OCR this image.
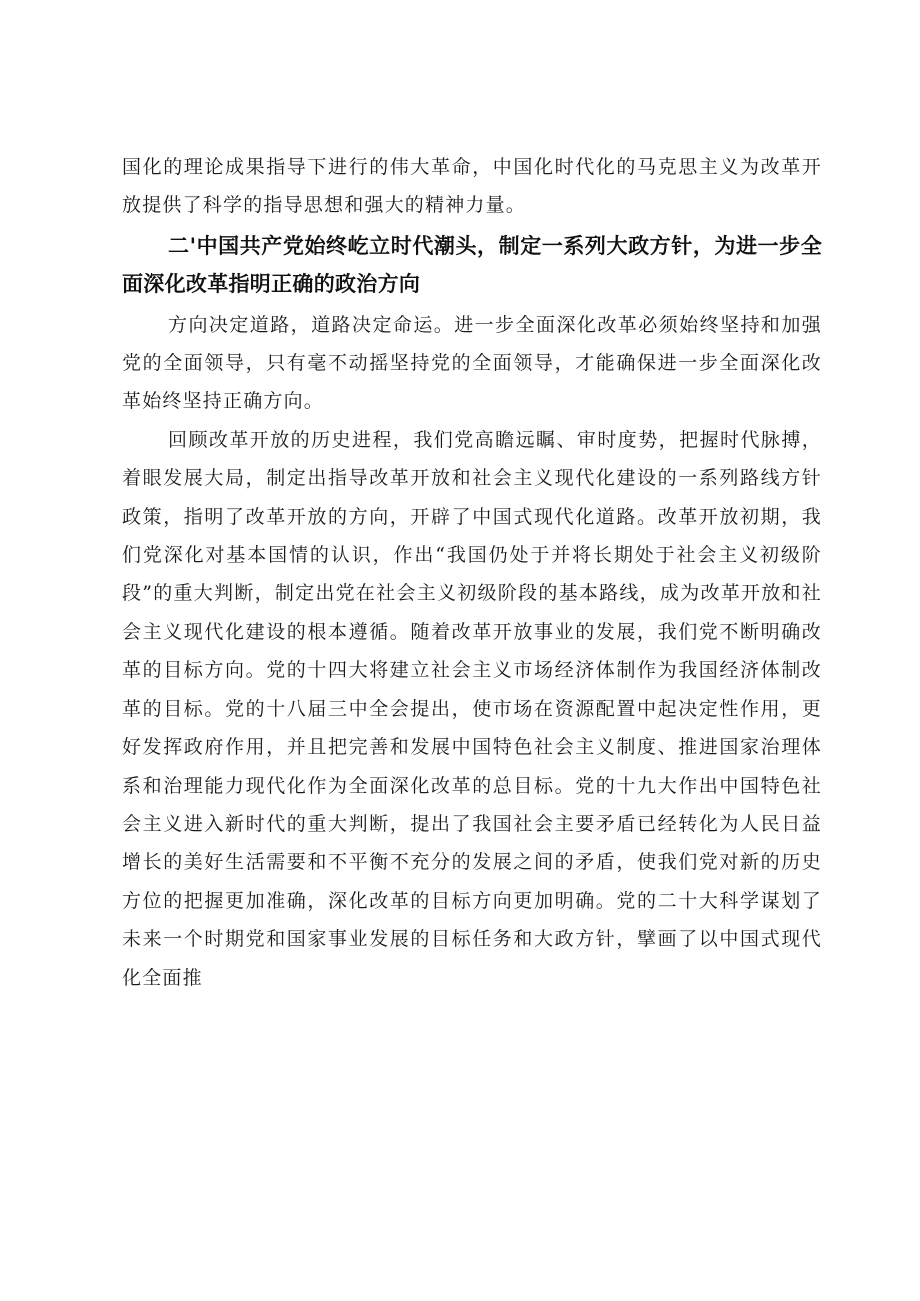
国化的理论成果指导下进行的伟大革命，中国化时代化的马克思主义为改革开放提供了科学的指导思想和强大的精神力量。

二'中国共产党始终屹立时代潮头，制定一系列大政方针，为进一步全面深化改革指明正确的政治方向

方向决定道路，道路决定命运。进一步全面深化改革必须始终坚持和加强党的全面领导，只有毫不动摇坚持党的全面领导，才能确保进一步全面深化改革始终坚持正确方向。

回顾改革开放的历史进程，我们党高瞻远瞩、审时度势，把握时代脉搏，着眼发展大局，制定出指导改革开放和社会主义现代化建设的一系列路线方针政策，指明了改革开放的方向，开辟了中国式现代化道路。改革开放初期，我们党深化对基本国情的认识，作出“我国仍处于并将长期处于社会主义初级阶段”的重大判断，制定出党在社会主义初级阶段的基本路线，成为改革开放和社会主义现代化建设的根本遵循。随着改革开放事业的发展，我们党不断明确改革的目标方向。党的十四大将建立社会主义市场经济体制作为我国经济体制改革的目标。党的十八届三中全会提出，使市场在资源配置中起决定性作用，更好发挥政府作用，并且把完善和发展中国特色社会主义制度、推进国家治理体系和治理能力现代化作为全面深化改革的总目标。党的十九大作出中国特色社会主义进入新时代的重大判断，提出了我国社会主要矛盾已经转化为人民日益增长的美好生活需要和不平衡不充分的发展之间的矛盾，使我们党对新的历史方位的把握更加准确，深化改革的目标方向更加明确。党的二十大科学谋划了未来一个时期党和国家事业发展的目标任务和大政方针，擘画了以中国式现代化全面推
